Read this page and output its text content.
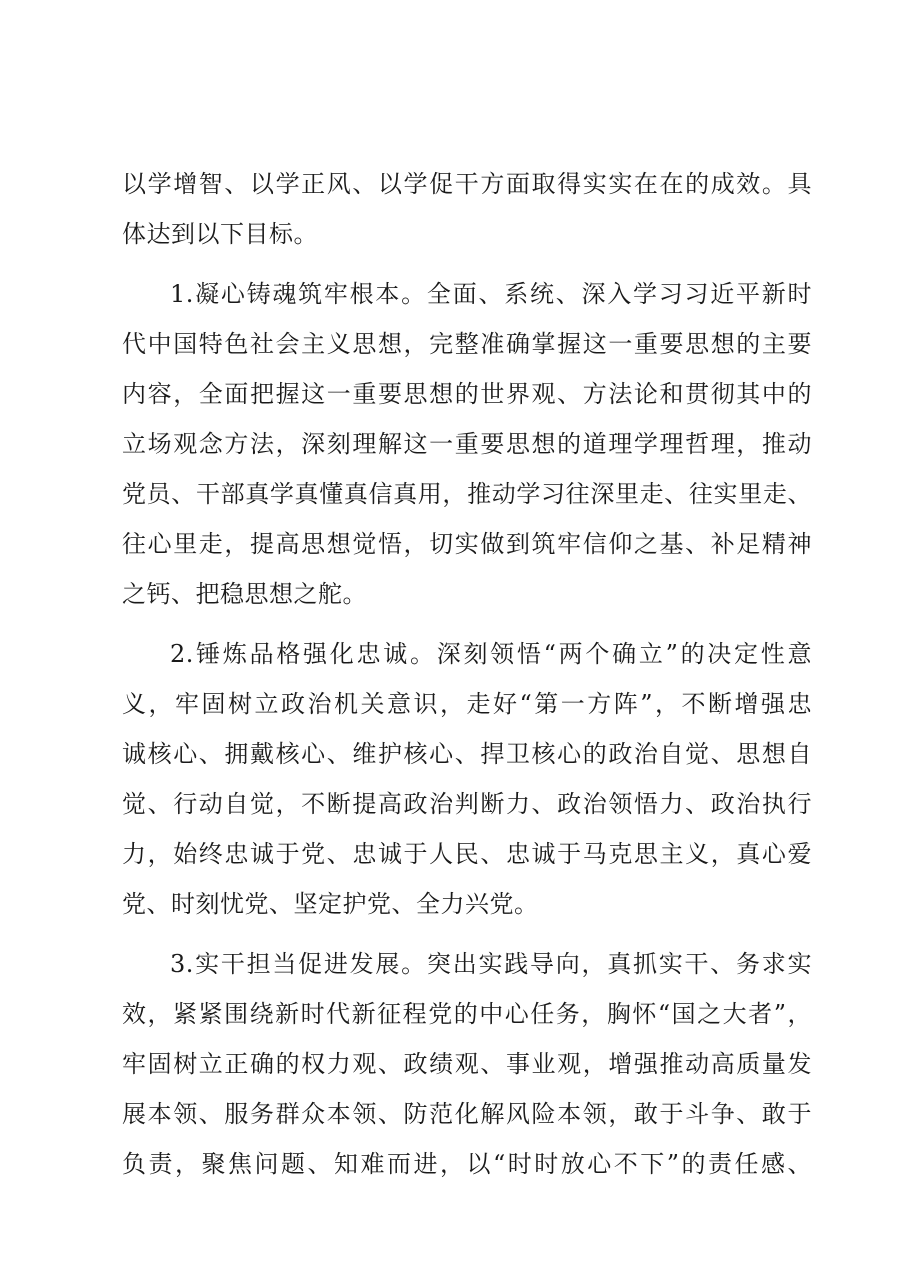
以学增智、以学正风、以学促干方面取得实实在在的成效。具
体达到以下目标。
1.凝心铸魂筑牢根本。全面、系统、深入学习习近平新时
代中国特色社会主义思想，完整准确掌握这一重要思想的主要
内容，全面把握这一重要思想的世界观、方法论和贯彻其中的
立场观念方法，深刻理解这一重要思想的道理学理哲理，推动
党员、干部真学真懂真信真用，推动学习往深里走、往实里走、
往心里走，提高思想觉悟，切实做到筑牢信仰之基、补足精神
之钙、把稳思想之舵。
2.锤炼品格强化忠诚。深刻领悟“两个确立”的决定性意
义，牢固树立政治机关意识，走好“第一方阵”，不断增强忠
诚核心、拥戴核心、维护核心、捍卫核心的政治自觉、思想自
觉、行动自觉，不断提高政治判断力、政治领悟力、政治执行
力，始终忠诚于党、忠诚于人民、忠诚于马克思主义，真心爱
党、时刻忧党、坚定护党、全力兴党。
3.实干担当促进发展。突出实践导向，真抓实干、务求实
效，紧紧围绕新时代新征程党的中心任务，胸怀“国之大者”，
牢固树立正确的权力观、政绩观、事业观，增强推动高质量发
展本领、服务群众本领、防范化解风险本领，敢于斗争、敢于
负责，聚焦问题、知难而进，以“时时放心不下”的责任感、
